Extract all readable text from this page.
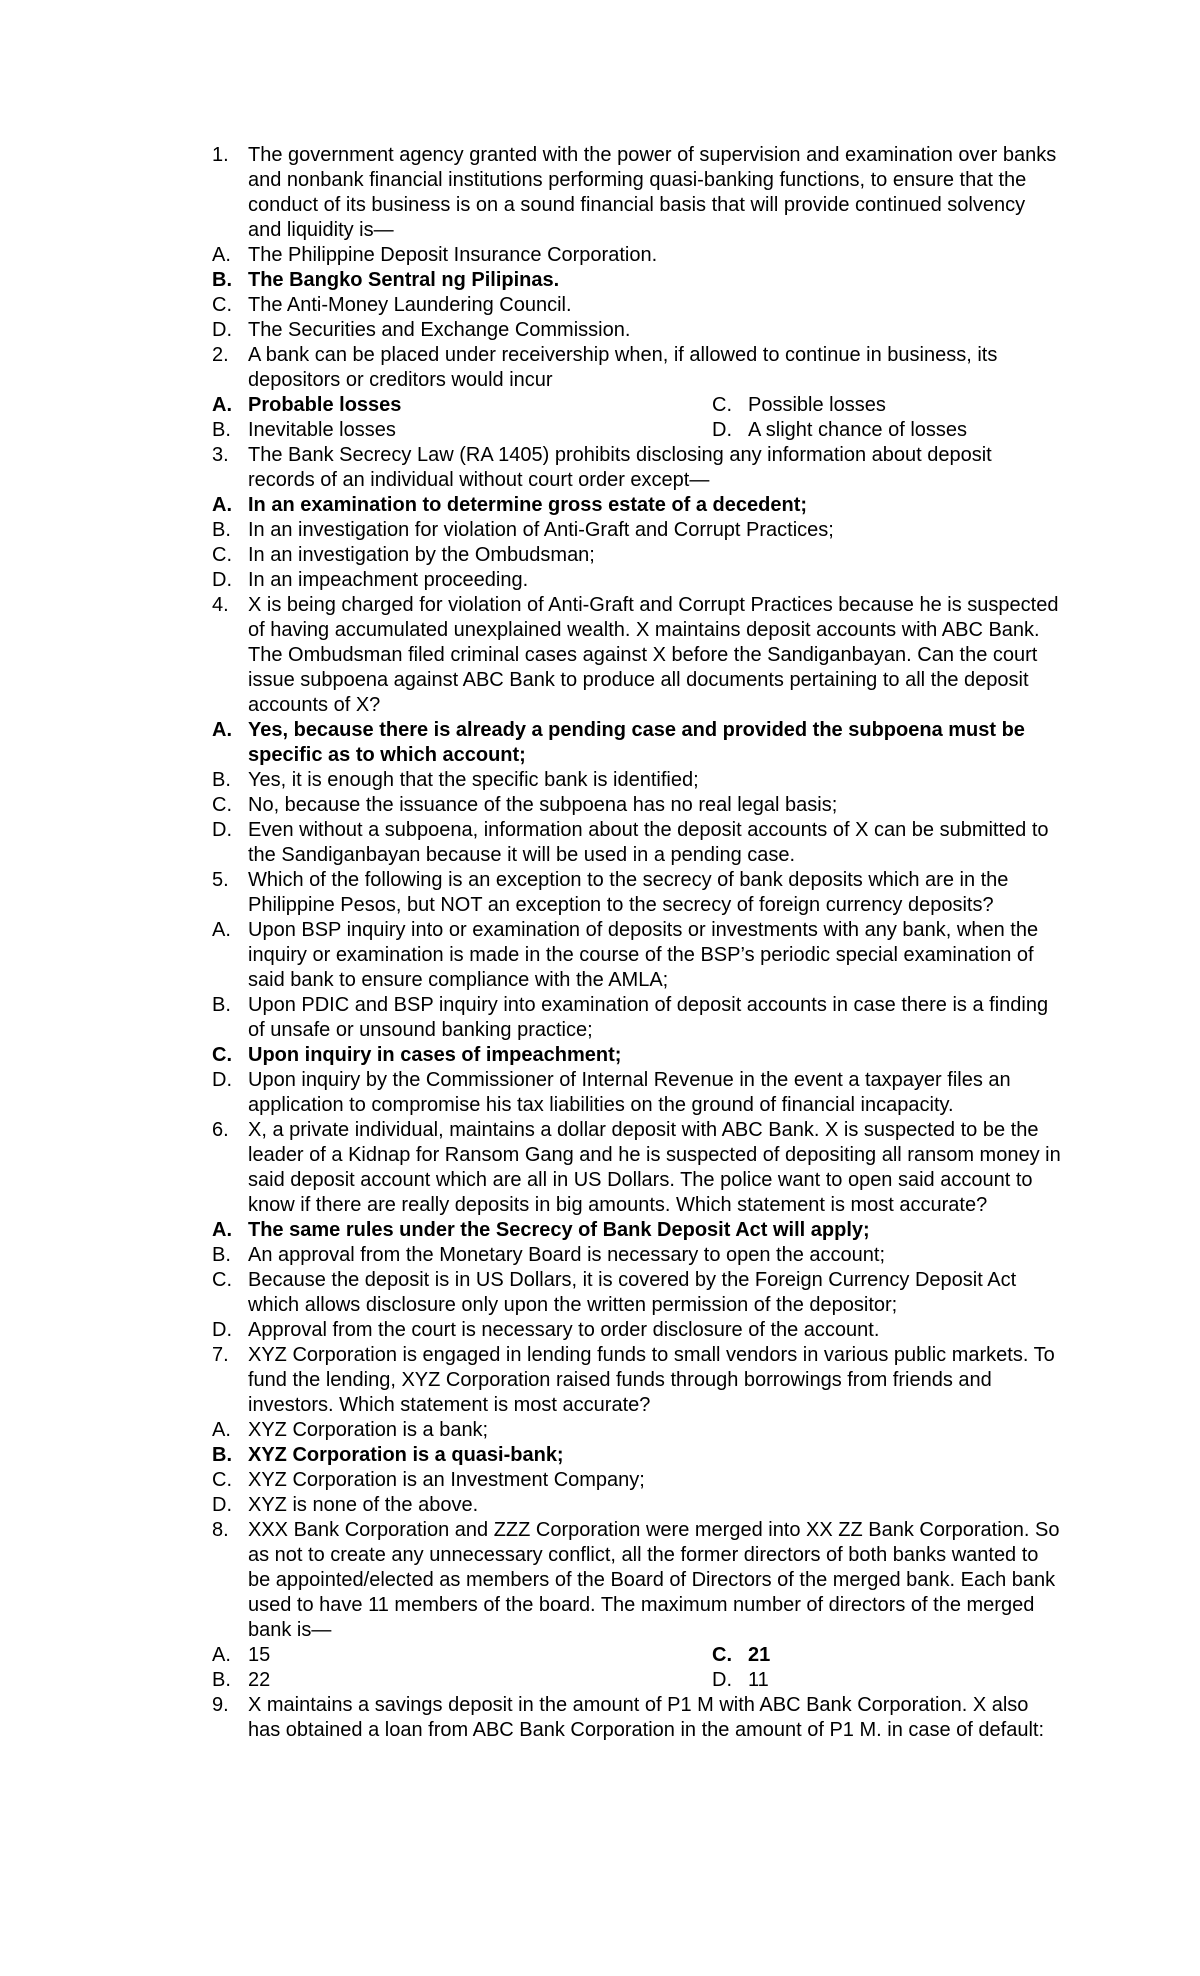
1. The government agency granted with the power of supervision and examination over banks and nonbank financial institutions performing quasi-banking functions, to ensure that the conduct of its business is on a sound financial basis that will provide continued solvency and liquidity is—
A. The Philippine Deposit Insurance Corporation.
B. The Bangko Sentral ng Pilipinas.
C. The Anti-Money Laundering Council.
D. The Securities and Exchange Commission.
2. A bank can be placed under receivership when, if allowed to continue in business, its depositors or creditors would incur
A. Probable losses	C. Possible losses
B. Inevitable losses	D. A slight chance of losses
3. The Bank Secrecy Law (RA 1405) prohibits disclosing any information about deposit records of an individual without court order except—
A. In an examination to determine gross estate of a decedent;
B. In an investigation for violation of Anti-Graft and Corrupt Practices;
C. In an investigation by the Ombudsman;
D. In an impeachment proceeding.
4. X is being charged for violation of Anti-Graft and Corrupt Practices because he is suspected of having accumulated unexplained wealth. X maintains deposit accounts with ABC Bank. The Ombudsman filed criminal cases against X before the Sandiganbayan. Can the court issue subpoena against ABC Bank to produce all documents pertaining to all the deposit accounts of X?
A. Yes, because there is already a pending case and provided the subpoena must be specific as to which account;
B. Yes, it is enough that the specific bank is identified;
C. No, because the issuance of the subpoena has no real legal basis;
D. Even without a subpoena, information about the deposit accounts of X can be submitted to the Sandiganbayan because it will be used in a pending case.
5. Which of the following is an exception to the secrecy of bank deposits which are in the Philippine Pesos, but NOT an exception to the secrecy of foreign currency deposits?
A. Upon BSP inquiry into or examination of deposits or investments with any bank, when the inquiry or examination is made in the course of the BSP’s periodic special examination of said bank to ensure compliance with the AMLA;
B. Upon PDIC and BSP inquiry into examination of deposit accounts in case there is a finding of unsafe or unsound banking practice;
C. Upon inquiry in cases of impeachment;
D. Upon inquiry by the Commissioner of Internal Revenue in the event a taxpayer files an application to compromise his tax liabilities on the ground of financial incapacity.
6. X, a private individual, maintains a dollar deposit with ABC Bank. X is suspected to be the leader of a Kidnap for Ransom Gang and he is suspected of depositing all ransom money in said deposit account which are all in US Dollars. The police want to open said account to know if there are really deposits in big amounts. Which statement is most accurate?
A. The same rules under the Secrecy of Bank Deposit Act will apply;
B. An approval from the Monetary Board is necessary to open the account;
C. Because the deposit is in US Dollars, it is covered by the Foreign Currency Deposit Act which allows disclosure only upon the written permission of the depositor;
D. Approval from the court is necessary to order disclosure of the account.
7. XYZ Corporation is engaged in lending funds to small vendors in various public markets. To fund the lending, XYZ Corporation raised funds through borrowings from friends and investors. Which statement is most accurate?
A. XYZ Corporation is a bank;
B. XYZ Corporation is a quasi-bank;
C. XYZ Corporation is an Investment Company;
D. XYZ is none of the above.
8. XXX Bank Corporation and ZZZ Corporation were merged into XX ZZ Bank Corporation. So as not to create any unnecessary conflict, all the former directors of both banks wanted to be appointed/elected as members of the Board of Directors of the merged bank. Each bank used to have 11 members of the board. The maximum number of directors of the merged bank is—
A. 15	C. 21
B. 22	D. 11
9. X maintains a savings deposit in the amount of P1 M with ABC Bank Corporation. X also has obtained a loan from ABC Bank Corporation in the amount of P1 M. in case of default:
